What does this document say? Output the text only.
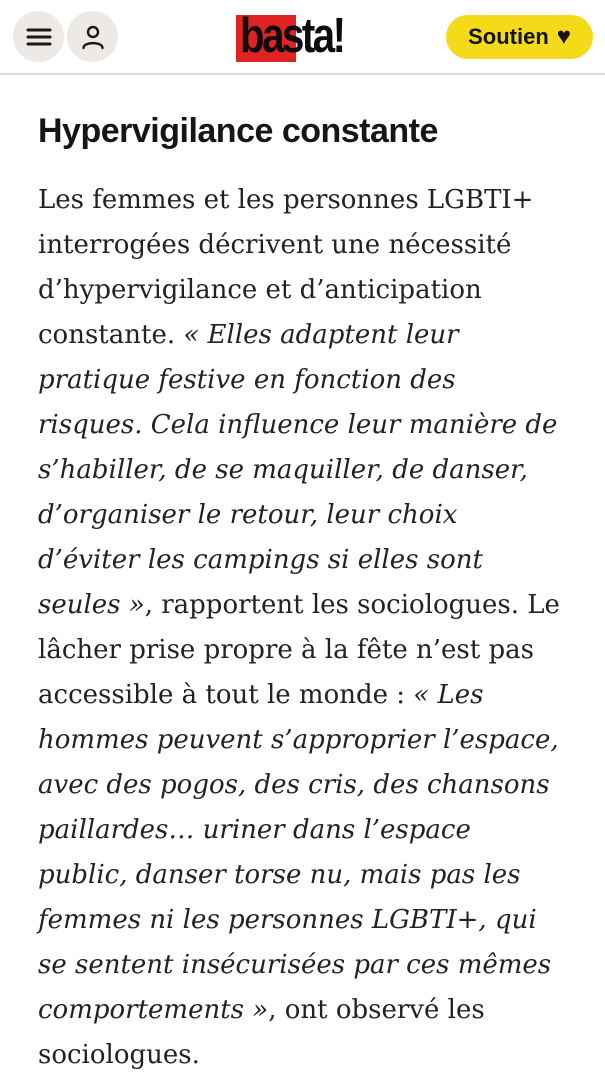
basta!	Soutien ♥
Hypervigilance constante

Les femmes et les personnes LGBTI+ interrogées décrivent une nécessité d’hypervigilance et d’anticipation constante. « Elles adaptent leur pratique festive en fonction des risques. Cela influence leur manière de s’habiller, de se maquiller, de danser, d’organiser le retour, leur choix d’éviter les campings si elles sont seules », rapportent les sociologues. Le lâcher prise propre à la fête n’est pas accessible à tout le monde : « Les hommes peuvent s’approprier l’espace, avec des pogos, des cris, des chansons paillardes… uriner dans l’espace public, danser torse nu, mais pas les femmes ni les personnes LGBTI+, qui se sentent insécurisées par ces mêmes comportements », ont observé les sociologues.
